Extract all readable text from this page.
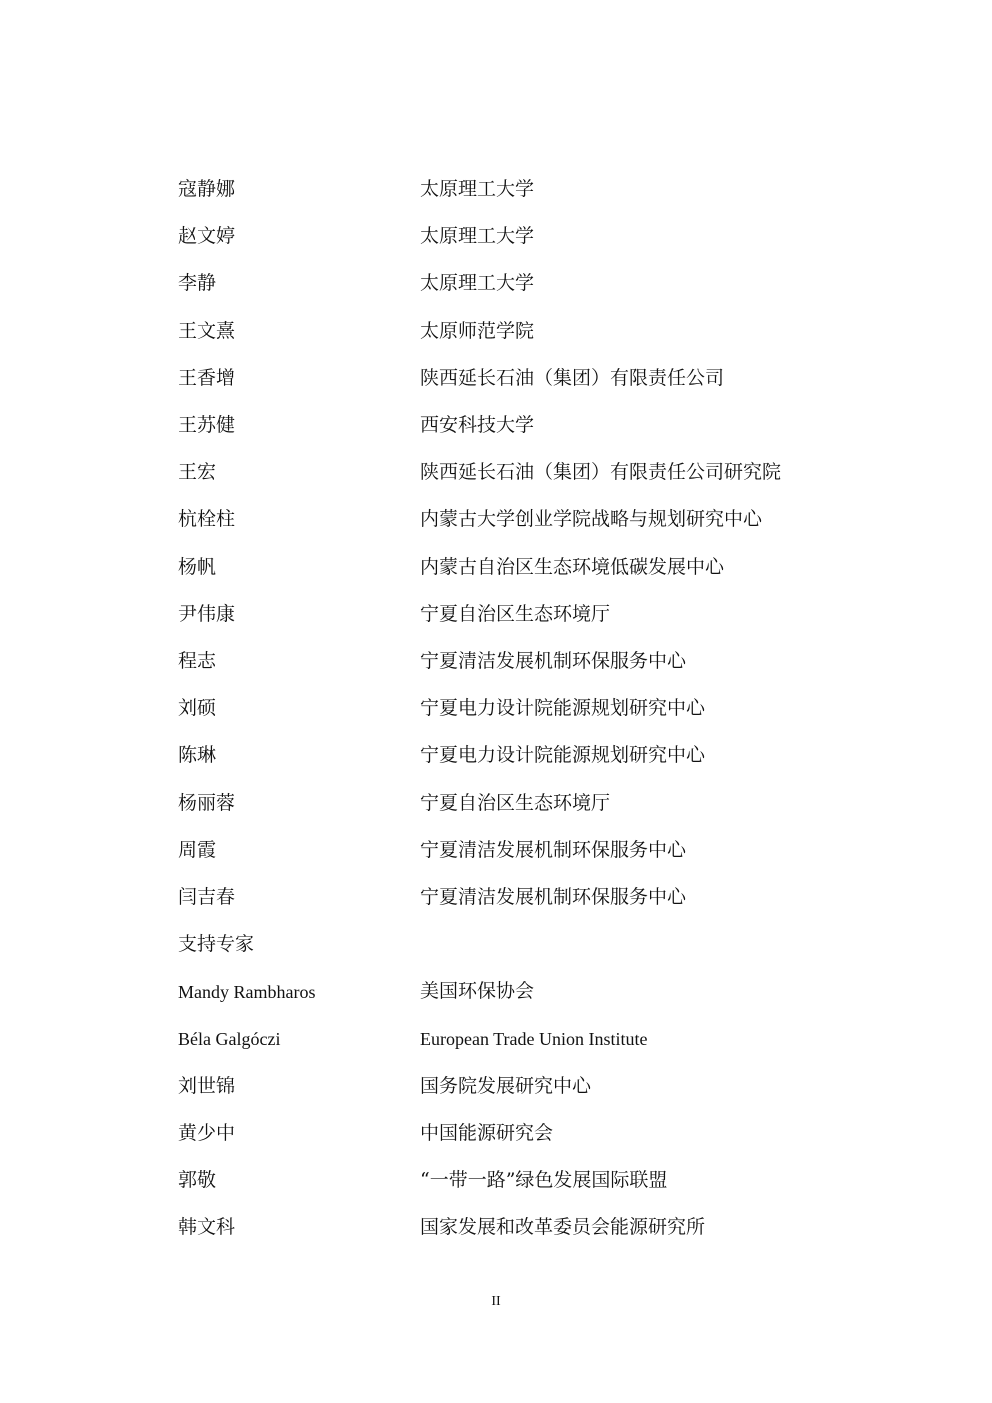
寇静娜	太原理工大学
赵文婷	太原理工大学
李静	太原理工大学
王文熹	太原师范学院
王香增	陕西延长石油（集团）有限责任公司
王苏健	西安科技大学
王宏	陕西延长石油（集团）有限责任公司研究院
杭栓柱	内蒙古大学创业学院战略与规划研究中心
杨帆	内蒙古自治区生态环境低碳发展中心
尹伟康	宁夏自治区生态环境厅
程志	宁夏清洁发展机制环保服务中心
刘硕	宁夏电力设计院能源规划研究中心
陈琳	宁夏电力设计院能源规划研究中心
杨丽蓉	宁夏自治区生态环境厅
周霞	宁夏清洁发展机制环保服务中心
闫吉春	宁夏清洁发展机制环保服务中心
支持专家
Mandy Rambharos	美国环保协会
Béla Galgóczi	European Trade Union Institute
刘世锦	国务院发展研究中心
黄少中	中国能源研究会
郭敬	“一带一路”绿色发展国际联盟
韩文科	国家发展和改革委员会能源研究所
II
